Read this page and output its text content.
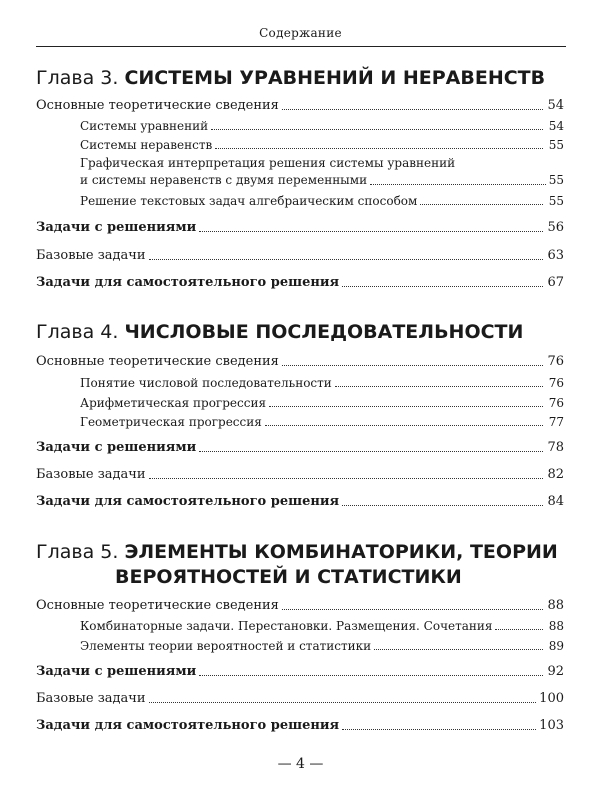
Содержание
Глава 3. СИСТЕМЫ УРАВНЕНИЙ И НЕРАВЕНСТВ
Основные теоретические сведения	54
Системы уравнений	54
Системы неравенств	55
Графическая интерпретация решения системы уравнений
и системы неравенств с двумя переменными	55
Решение текстовых задач алгебраическим способом	55
Задачи с решениями	56
Базовые задачи	63
Задачи для самостоятельного решения	67
Глава 4. ЧИСЛОВЫЕ ПОСЛЕДОВАТЕЛЬНОСТИ
Основные теоретические сведения	76
Понятие числовой последовательности	76
Арифметическая прогрессия	76
Геометрическая прогрессия	77
Задачи с решениями	78
Базовые задачи	82
Задачи для самостоятельного решения	84
Глава 5. ЭЛЕМЕНТЫ КОМБИНАТОРИКИ, ТЕОРИИ
ВЕРОЯТНОСТЕЙ И СТАТИСТИКИ
Основные теоретические сведения	88
Комбинаторные задачи. Перестановки. Размещения. Сочетания	88
Элементы теории вероятностей и статистики	89
Задачи с решениями	92
Базовые задачи	100
Задачи для самостоятельного решения	103
— 4 —
